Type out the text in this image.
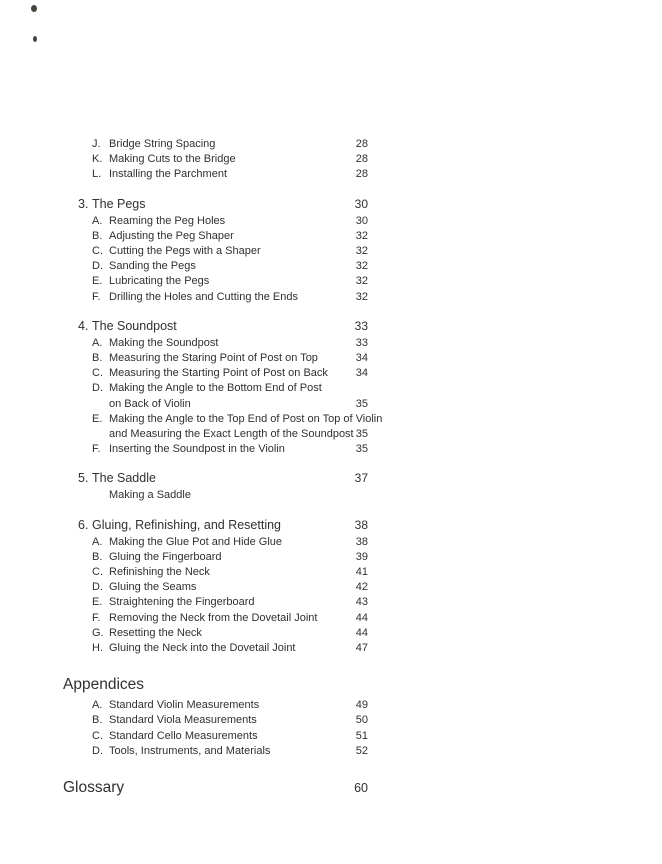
J. Bridge String Spacing	28
K. Making Cuts to the Bridge	28
L. Installing the Parchment	28
3. The Pegs	30
A. Reaming the Peg Holes	30
B. Adjusting the Peg Shaper	32
C. Cutting the Pegs with a Shaper	32
D. Sanding the Pegs	32
E. Lubricating the Pegs	32
F. Drilling the Holes and Cutting the Ends	32
4. The Soundpost	33
A. Making the Soundpost	33
B. Measuring the Staring Point of Post on Top	34
C. Measuring the Starting Point of Post on Back	34
D. Making the Angle to the Bottom End of Post
on Back of Violin	35
E. Making the Angle to the Top End of Post on Top of Violin
and Measuring the Exact Length of the Soundpost 35
F. Inserting the Soundpost in the Violin	35
5. The Saddle	37
Making a Saddle
6. Gluing, Refinishing, and Resetting	38
A. Making the Glue Pot and Hide Glue	38
B. Gluing the Fingerboard	39
C. Refinishing the Neck	41
D. Gluing the Seams	42
E. Straightening the Fingerboard	43
F. Removing the Neck from the Dovetail Joint	44
G. Resetting the Neck	44
H. Gluing the Neck into the Dovetail Joint	47
Appendices
A. Standard Violin Measurements	49
B. Standard Viola Measurements	50
C. Standard Cello Measurements	51
D. Tools, Instruments, and Materials	52
Glossary	60
